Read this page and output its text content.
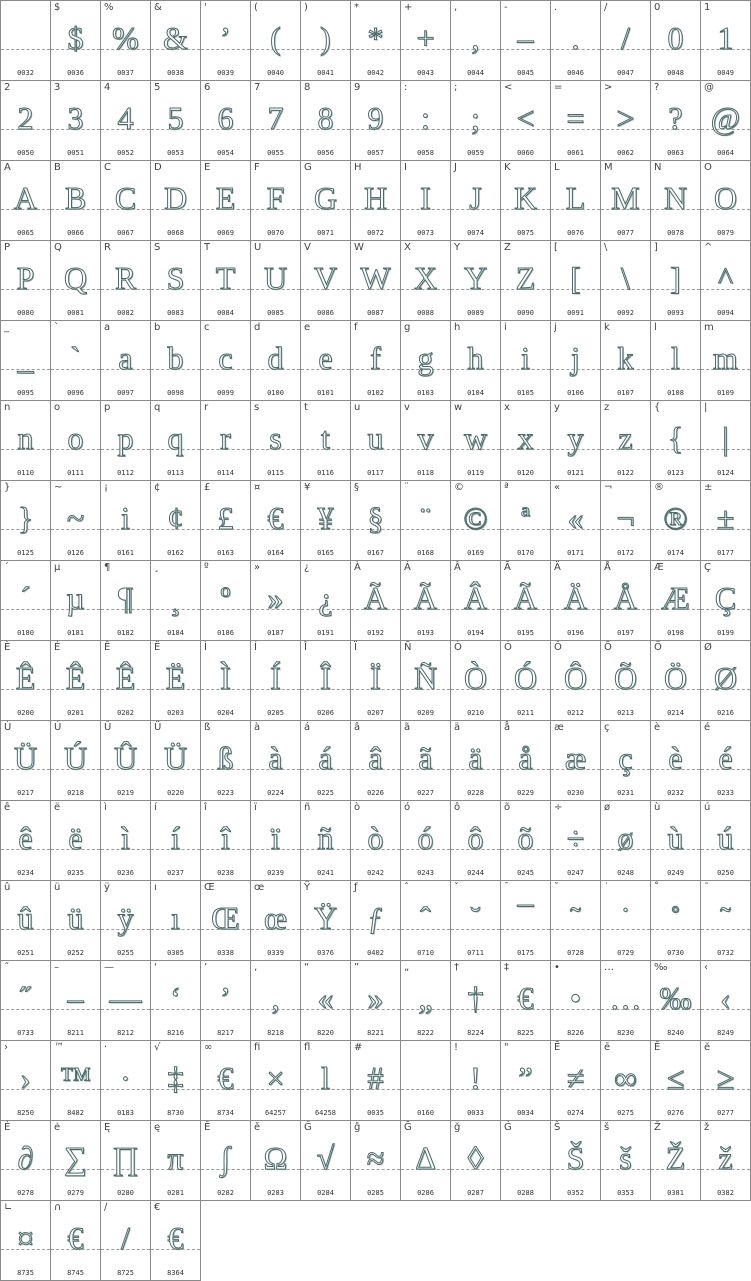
0032
$
$
0036
%
%
0037
&
&
0038
'
’
0039
(
(
0040
)
)
0041
*
*
0042
+
+
0043
,
,
0044
-
–
0045
.
.
0046
/
/
0047
0
0
0048
1
1
0049
2
2
0050
3
3
0051
4
4
0052
5
5
0053
6
6
0054
7
7
0055
8
8
0056
9
9
0057
:
:
0058
;
;
0059
<
<
0060
=
=
0061
>
>
0062
?
?
0063
@
@
0064
A
A
0065
B
B
0066
C
C
0067
D
D
0068
E
E
0069
F
F
0070
G
G
0071
H
H
0072
I
I
0073
J
J
0074
K
K
0075
L
L
0076
M
M
0077
N
N
0078
O
O
0079
P
P
0080
Q
Q
0081
R
R
0082
S
S
0083
T
T
0084
U
U
0085
V
V
0086
W
W
0087
X
X
0088
Y
Y
0089
Z
Z
0090
[
[
0091
\
\
0092
]
]
0093
^
^
0094
_
_
0095
`
`
0096
a
a
0097
b
b
0098
c
c
0099
d
d
0100
e
e
0101
f
f
0102
g
g
0103
h
h
0104
i
i
0105
j
j
0106
k
k
0107
l
l
0108
m
m
0109
n
n
0110
o
o
0111
p
p
0112
q
q
0113
r
r
0114
s
s
0115
t
t
0116
u
u
0117
v
v
0118
w
w
0119
x
x
0120
y
y
0121
z
z
0122
{
{
0123
|
|
0124
}
}
0125
~
~
0126
¡
i
0161
¢
¢
0162
£
£
0163
¤
€
0164
¥
¥
0165
§
§
0167
¨
¨
0168
©
©
0169
ª
ª
0170
«
«
0171
¬
¬
0172
®
®
0174
±
±
0177
´
´
0180
µ
µ
0181
¶
¶
0182
¸
¸
0184
º
º
0186
»
»
0187
¿
¿
0191
À
Ã
0192
Á
Ã
0193
Â
Â
0194
Ã
Ã
0195
Ä
Ä
0196
Å
Å
0197
Æ
Æ
0198
Ç
Ç
0199
È
Ê
0200
É
Ê
0201
Ê
Ê
0202
Ë
Ë
0203
Ì
Ì
0204
Í
Í
0205
Î
Î
0206
Ï
Ï
0207
Ñ
Ñ
0209
Ò
Ò
0210
Ó
Ó
0211
Ô
Ô
0212
Õ
Õ
0213
Ö
Ö
0214
Ø
Ø
0216
Ù
Ü
0217
Ú
Ú
0218
Û
Û
0219
Ü
Ü
0220
ß
ß
0223
à
à
0224
á
á
0225
â
â
0226
ã
ã
0227
ä
ä
0228
å
å
0229
æ
æ
0230
ç
ç
0231
è
è
0232
é
é
0233
ê
ê
0234
ë
ë
0235
ì
ì
0236
í
í
0237
î
î
0238
ï
ï
0239
ñ
ñ
0241
ò
ò
0242
ó
ó
0243
ô
ô
0244
õ
õ
0245
÷
÷
0247
ø
ø
0248
ù
ù
0249
ú
ú
0250
û
û
0251
ü
ü
0252
ÿ
ÿ
0255
ı
ı
0305
Œ
Œ
0338
œ
œ
0339
Ÿ
Ÿ
0376
ƒ
ƒ
0402
ˆ
ˆ
0710
ˇ
˘
0711
¯
¯
0175
˘
˜
0728
˙
˙
0729
˚
˚
0730
˜
˜
0732
˝
˝
0733
–
–
8211
—
—
8212
‘
‘
8216
’
’
8217
‚
‚
8218
“
«
8220
”
»
8221
„
„
8222
†
†
8224
‡
€
8225
•
•
8226
…
…
8230
‰
‰
8240
‹
‹
8249
›
›
8250
™
™
8482
·
·
0183
√
‡
8730
∞
€
8734
ﬁ
×
64257
ﬂ
l
64258
#
#
0035	0160
!
!
0033
"
”
0034
Ē
≠
0274
ē
∞
0275
Ĕ
≤
0276
ĕ
≥
0277
Ė
∂
0278
ė
∑
0279
Ę
∏
0280
ę
π
0281
Ě
∫
0282
ě
Ω
0283
Ĝ
√
0284
ĝ
≈
0285
Ğ
∆
0286
ğ
◊
0287
Ġ
0288
Š
Š
0352
š
š
0353
Ž
Ž
0381
ž
ž
0382
∟
¤
8735
∩
€
8745
∕
/
8725
€
€
8364
